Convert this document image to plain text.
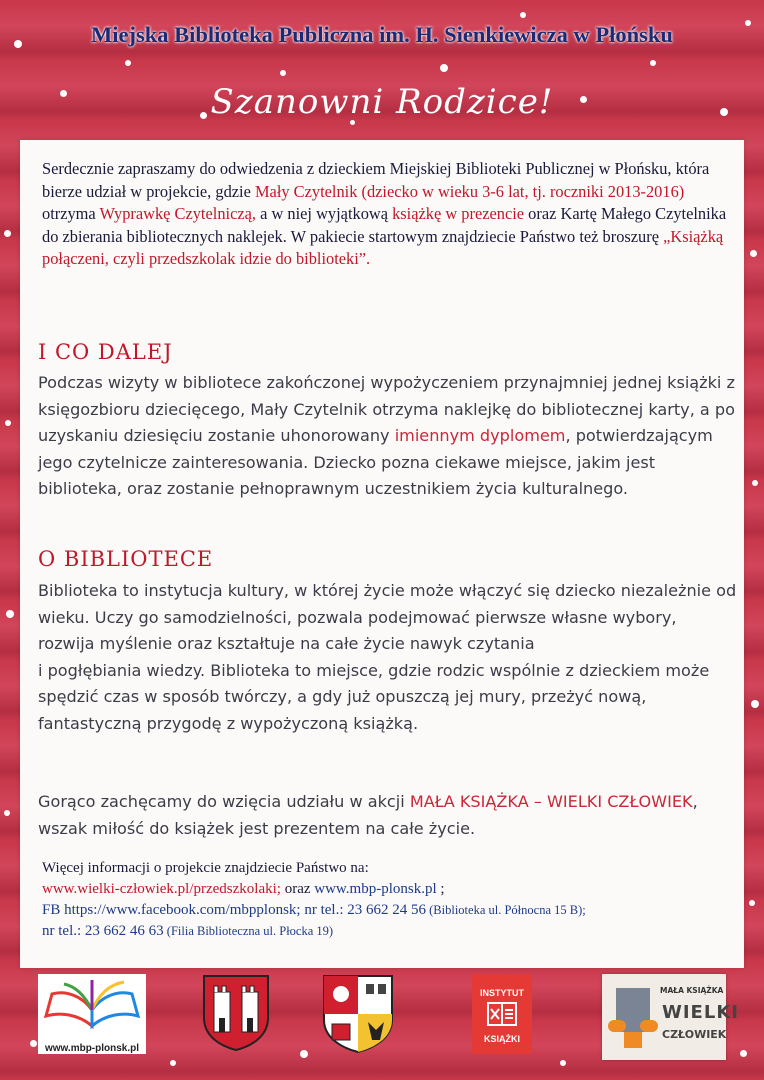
Miejska Biblioteka Publiczna im. H. Sienkiewicza w Płońsku
Szanowni Rodzice!
Serdecznie zapraszamy do odwiedzenia z dzieckiem Miejskiej Biblioteki Publicznej w Płońsku, która bierze udział w projekcie, gdzie Mały Czytelnik (dziecko w wieku 3-6 lat, tj. roczniki 2013-2016) otrzyma Wyprawkę Czytelniczą, a w niej wyjątkową książkę w prezencie oraz Kartę Małego Czytelnika do zbierania bibliotecznych naklejek. W pakiecie startowym znajdziecie Państwo też broszurę „Książką połączeni, czyli przedszkolak idzie do biblioteki”.
I CO DALEJ
Podczas wizyty w bibliotece zakończonej wypożyczeniem przynajmniej jednej książki z księgozbioru dziecięcego, Mały Czytelnik otrzyma naklejkę do bibliotecznej karty, a po uzyskaniu dziesięciu zostanie uhonorowany imiennym dyplomem, potwierdzającym jego czytelnicze zainteresowania. Dziecko pozna ciekawe miejsce, jakim jest biblioteka, oraz zostanie pełnoprawnym uczestnikiem życia kulturalnego.
O BIBLIOTECE
Biblioteka to instytucja kultury, w której życie może włączyć się dziecko niezależnie od wieku. Uczy go samodzielności, pozwala podejmować pierwsze własne wybory, rozwija myślenie oraz kształtuje na całe życie nawyk czytania
i pogłębiania wiedzy. Biblioteka to miejsce, gdzie rodzic wspólnie z dzieckiem może spędzić czas w sposób twórczy, a gdy już opuszczą jej mury, przeżyć nową, fantastyczną przygodę z wypożyczoną książką.
Gorąco zachęcamy do wzięcia udziału w akcji MAŁA KSIĄŻKA – WIELKI CZŁOWIEK, wszak miłość do książek jest prezentem na całe życie.
Więcej informacji o projekcie znajdziecie Państwo na:
www.wielki-człowiek.pl/przedszkolaki; oraz www.mbp-plonsk.pl ;
FB https://www.facebook.com/mbpplonsk; nr tel.: 23 662 24 56 (Biblioteka ul. Północna 15 B);
nr tel.: 23 662 46 63 (Filia Biblioteczna ul. Płocka 19)
www.mbp-plonsk.pl
INSTYTUT
KSIĄŻKI
MAŁA KSIĄŻKA
WIELKI
CZŁOWIEK
